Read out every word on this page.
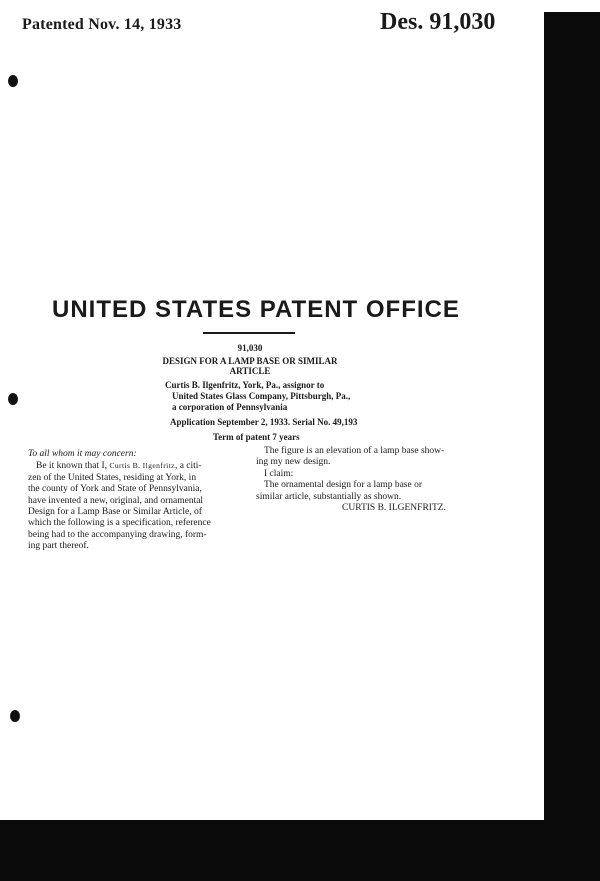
Patented Nov. 14, 1933	Des. 91,030
UNITED STATES PATENT OFFICE
91,030
DESIGN FOR A LAMP BASE OR SIMILAR
ARTICLE
Curtis B. Ilgenfritz, York, Pa., assignor to
United States Glass Company, Pittsburgh, Pa.,
a corporation of Pennsylvania
Application September 2, 1933. Serial No. 49,193
Term of patent 7 years
To all whom it may concern:
Be it known that I, Curtis B. Ilgenfritz, a citi-
zen of the United States, residing at York, in
the county of York and State of Pennsylvania,
have invented a new, original, and ornamental
Design for a Lamp Base or Similar Article, of
which the following is a specification, reference
being had to the accompanying drawing, form-
ing part thereof.
The figure is an elevation of a lamp base show-
ing my new design.
I claim:
The ornamental design for a lamp base or
similar article, substantially as shown.
CURTIS B. ILGENFRITZ.
